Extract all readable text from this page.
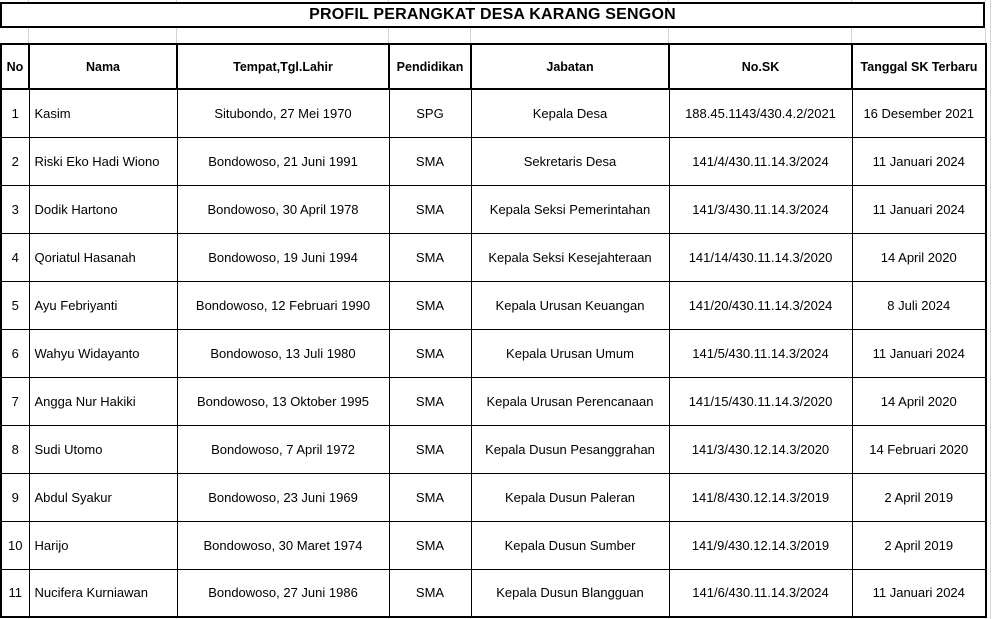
PROFIL PERANGKAT DESA KARANG SENGON
No	Nama	Tempat,Tgl.Lahir	Pendidikan	Jabatan	No.SK	Tanggal SK Terbaru
1	Kasim	Situbondo, 27 Mei 1970	SPG	Kepala Desa	188.45.1143/430.4.2/2021	16 Desember 2021
2	Riski Eko Hadi Wiono	Bondowoso, 21 Juni 1991	SMA	Sekretaris Desa	141/4/430.11.14.3/2024	11 Januari 2024
3	Dodik Hartono	Bondowoso, 30 April 1978	SMA	Kepala Seksi Pemerintahan	141/3/430.11.14.3/2024	11 Januari 2024
4	Qoriatul Hasanah	Bondowoso, 19 Juni 1994	SMA	Kepala Seksi Kesejahteraan	141/14/430.11.14.3/2020	14 April 2020
5	Ayu Febriyanti	Bondowoso, 12 Februari 1990	SMA	Kepala Urusan Keuangan	141/20/430.11.14.3/2024	8 Juli 2024
6	Wahyu Widayanto	Bondowoso, 13 Juli 1980	SMA	Kepala Urusan Umum	141/5/430.11.14.3/2024	11 Januari 2024
7	Angga Nur Hakiki	Bondowoso, 13 Oktober 1995	SMA	Kepala Urusan Perencanaan	141/15/430.11.14.3/2020	14 April 2020
8	Sudi Utomo	Bondowoso, 7 April 1972	SMA	Kepala Dusun Pesanggrahan	141/3/430.12.14.3/2020	14 Februari 2020
9	Abdul Syakur	Bondowoso, 23 Juni 1969	SMA	Kepala Dusun Paleran	141/8/430.12.14.3/2019	2 April 2019
10	Harijo	Bondowoso, 30 Maret 1974	SMA	Kepala Dusun Sumber	141/9/430.12.14.3/2019	2 April 2019
11	Nucifera Kurniawan	Bondowoso, 27 Juni 1986	SMA	Kepala Dusun Blangguan	141/6/430.11.14.3/2024	11 Januari 2024
